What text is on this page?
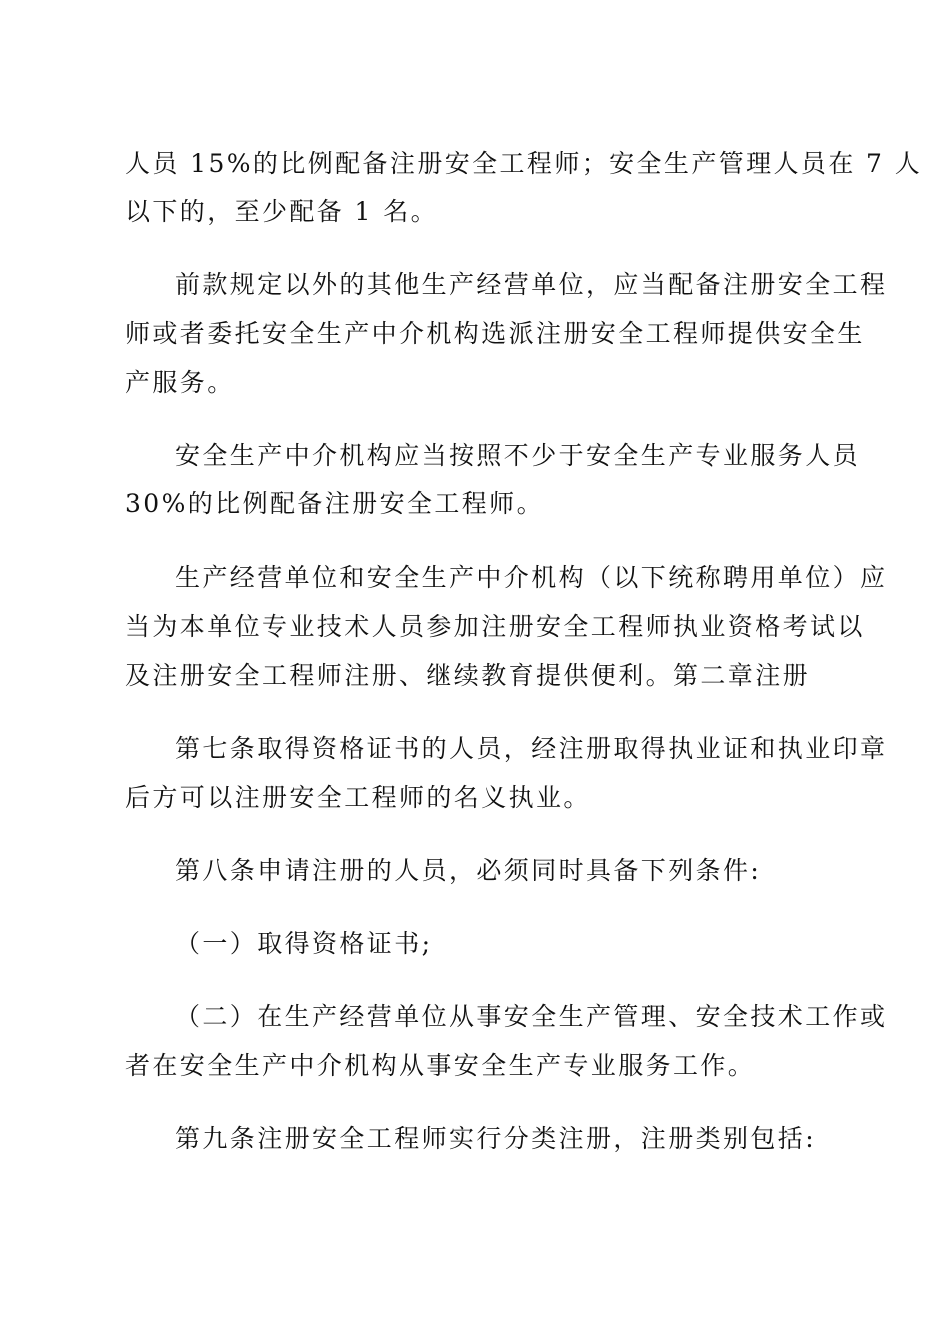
人员 15%的比例配备注册安全工程师；安全生产管理人员在 7 人
以下的，至少配备 1 名。
前款规定以外的其他生产经营单位，应当配备注册安全工程
师或者委托安全生产中介机构选派注册安全工程师提供安全生
产服务。
安全生产中介机构应当按照不少于安全生产专业服务人员
30%的比例配备注册安全工程师。
生产经营单位和安全生产中介机构（以下统称聘用单位）应
当为本单位专业技术人员参加注册安全工程师执业资格考试以
及注册安全工程师注册、继续教育提供便利。第二章注册
第七条取得资格证书的人员，经注册取得执业证和执业印章
后方可以注册安全工程师的名义执业。
第八条申请注册的人员，必须同时具备下列条件:
（一）取得资格证书;
（二）在生产经营单位从事安全生产管理、安全技术工作或
者在安全生产中介机构从事安全生产专业服务工作。
第九条注册安全工程师实行分类注册，注册类别包括:
